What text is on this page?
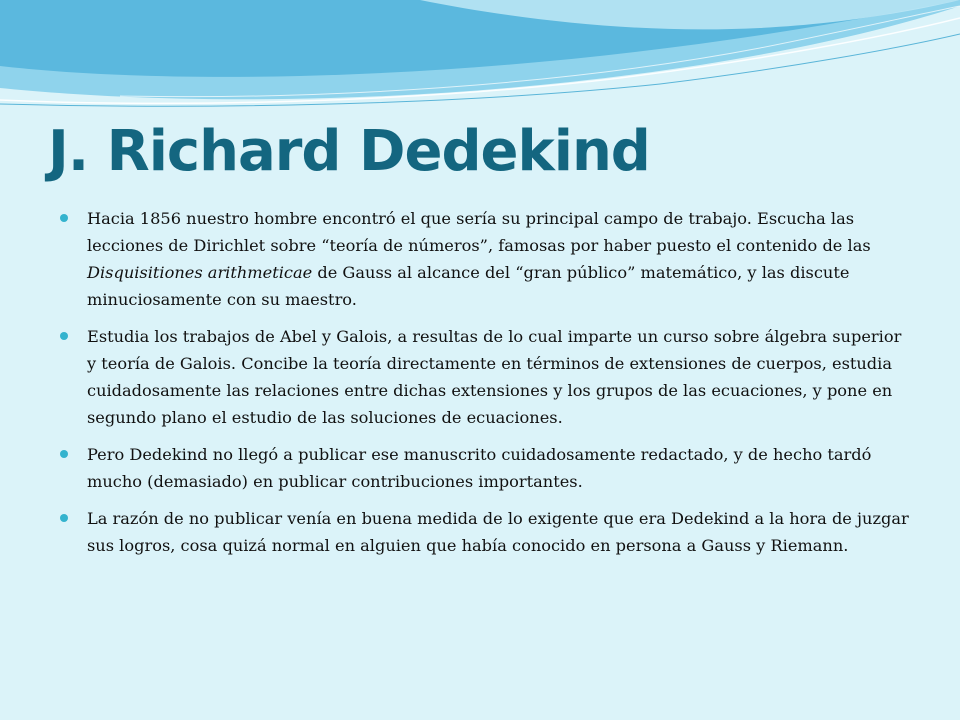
J. Richard Dedekind
Hacia 1856 nuestro hombre encontró el que sería su principal campo de trabajo. Escucha las lecciones de Dirichlet sobre “teoría de números”, famosas por haber puesto el contenido de las Disquisitiones arithmeticae de Gauss al alcance del “gran público” matemático, y las discute minuciosamente con su maestro.
Estudia los trabajos de Abel y Galois, a resultas de lo cual imparte un curso sobre álgebra superior y teoría de Galois. Concibe la teoría directamente en términos de extensiones de cuerpos, estudia cuidadosamente las relaciones entre dichas extensiones y los grupos de las ecuaciones, y pone en segundo plano el estudio de las soluciones de ecuaciones.
Pero Dedekind no llegó a publicar ese manuscrito cuidadosamente redactado, y de hecho tardó mucho (demasiado) en publicar contribuciones importantes.
La razón de no publicar venía en buena medida de lo exigente que era Dedekind a la hora de juzgar sus logros, cosa quizá normal en alguien que había conocido en persona a Gauss y Riemann.
